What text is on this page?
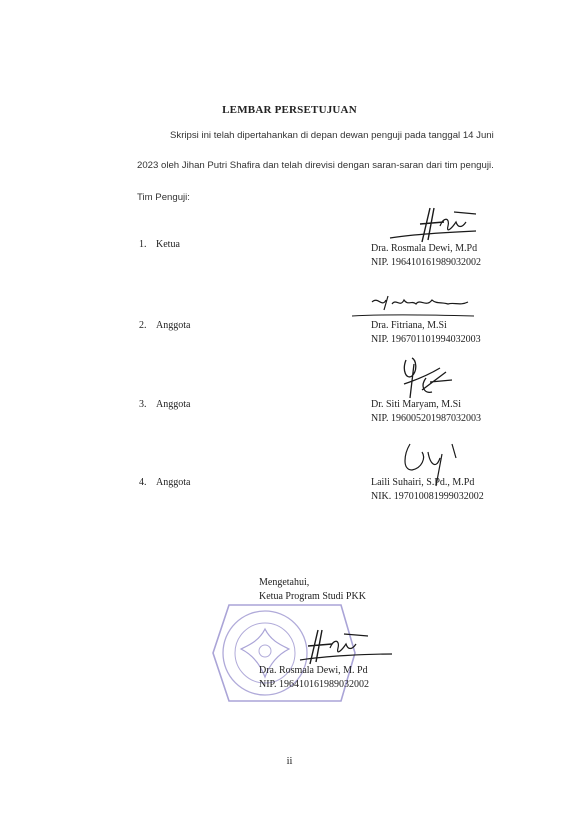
LEMBAR PERSETUJUAN
Skripsi ini telah dipertahankan di depan dewan penguji pada tanggal 14 Juni
2023 oleh Jihan Putri Shafira dan telah direvisi dengan saran-saran dari tim penguji.
Tim Penguji:
1. Ketua	Dra. Rosmala Dewi, M.Pd
NIP. 196410161989032002
2. Anggota	Dra. Fitriana, M.Si
NIP. 196701101994032003
3. Anggota	Dr. Siti Maryam, M.Si
NIP. 196005201987032003
4. Anggota	Laili Suhairi, S.Pd., M.Pd
NIK. 197010081999032002
Mengetahui,
Ketua Program Studi PKK
Dra. Rosmala Dewi, M. Pd
NIP. 196410161989032002
ii
